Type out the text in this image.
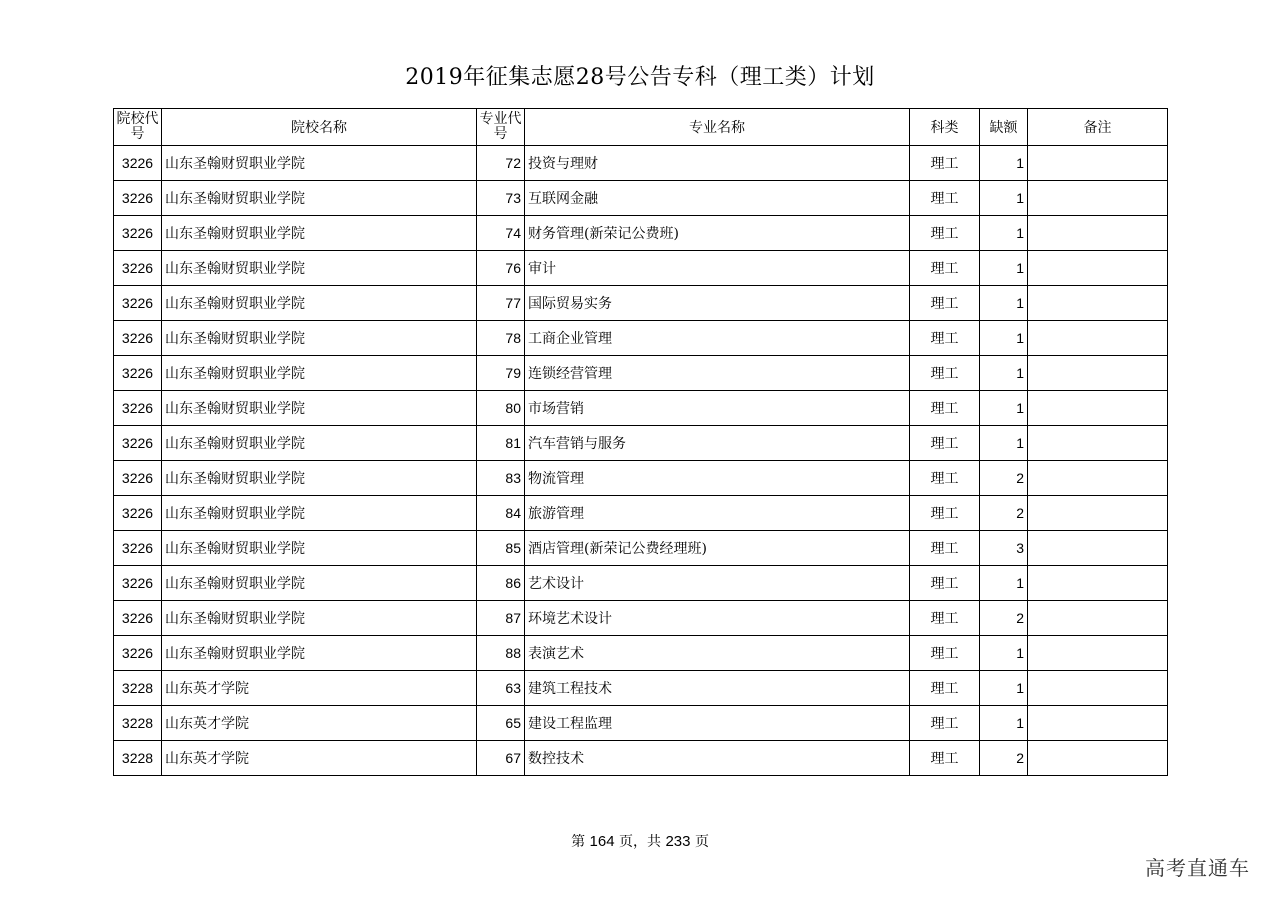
2019年征集志愿28号公告专科（理工类）计划
院校代号	院校名称	专业代号	专业名称	科类	缺额	备注
3226	山东圣翰财贸职业学院	72	投资与理财	理工	1	
3226	山东圣翰财贸职业学院	73	互联网金融	理工	1	
3226	山东圣翰财贸职业学院	74	财务管理(新荣记公费班)	理工	1	
3226	山东圣翰财贸职业学院	76	审计	理工	1	
3226	山东圣翰财贸职业学院	77	国际贸易实务	理工	1	
3226	山东圣翰财贸职业学院	78	工商企业管理	理工	1	
3226	山东圣翰财贸职业学院	79	连锁经营管理	理工	1	
3226	山东圣翰财贸职业学院	80	市场营销	理工	1	
3226	山东圣翰财贸职业学院	81	汽车营销与服务	理工	1	
3226	山东圣翰财贸职业学院	83	物流管理	理工	2	
3226	山东圣翰财贸职业学院	84	旅游管理	理工	2	
3226	山东圣翰财贸职业学院	85	酒店管理(新荣记公费经理班)	理工	3	
3226	山东圣翰财贸职业学院	86	艺术设计	理工	1	
3226	山东圣翰财贸职业学院	87	环境艺术设计	理工	2	
3226	山东圣翰财贸职业学院	88	表演艺术	理工	1	
3228	山东英才学院	63	建筑工程技术	理工	1	
3228	山东英才学院	65	建设工程监理	理工	1	
3228	山东英才学院	67	数控技术	理工	2	
第 164 页，共 233 页
高考直通车
